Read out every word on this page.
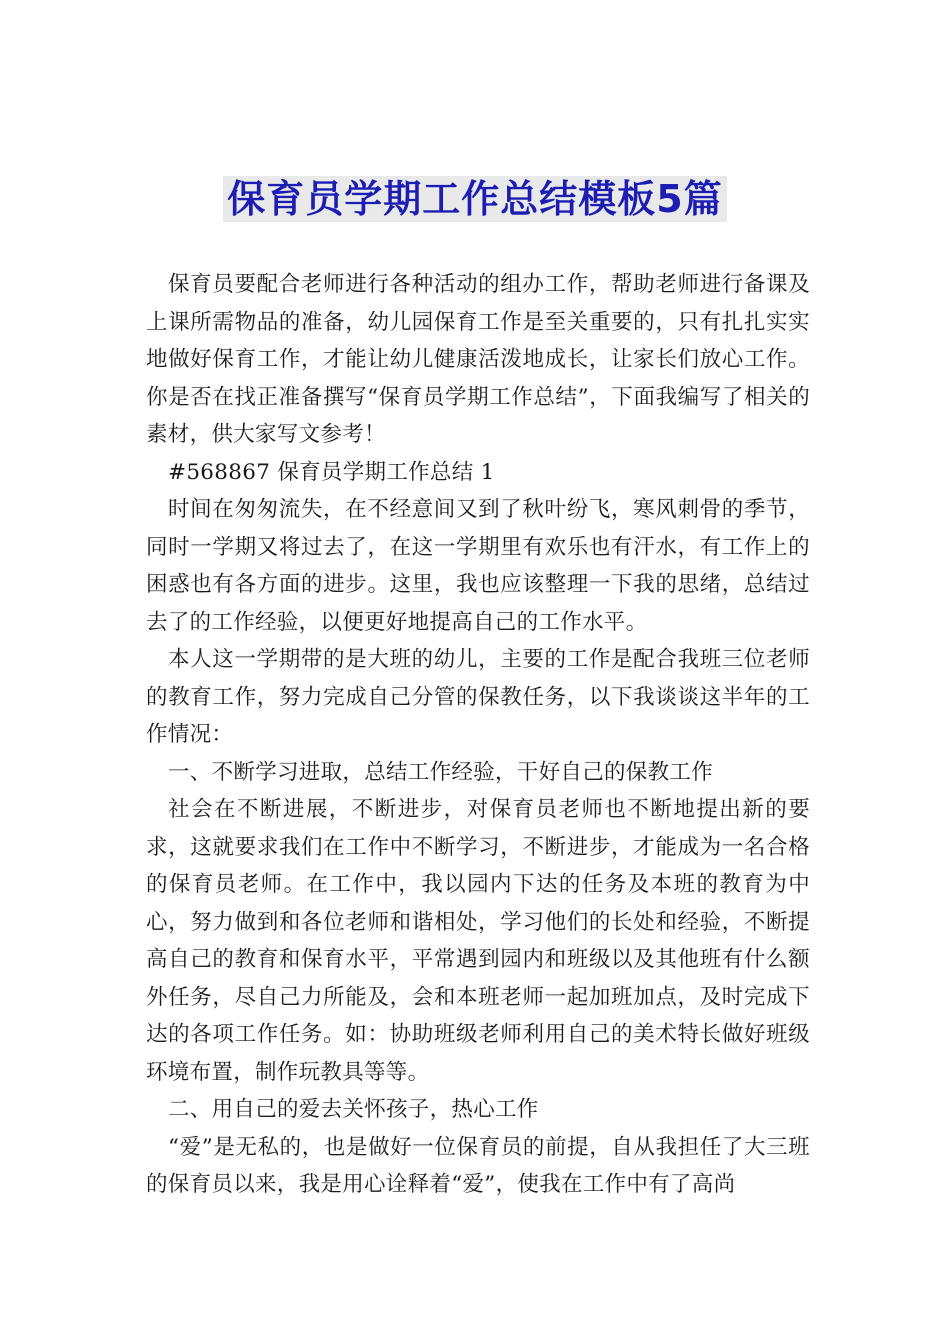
保育员学期工作总结模板5篇

保育员要配合老师进行各种活动的组办工作，帮助老师进行备课及上课所需物品的准备，幼儿园保育工作是至关重要的，只有扎扎实实地做好保育工作，才能让幼儿健康活泼地成长，让家长们放心工作。你是否在找正准备撰写“保育员学期工作总结”，下面我编写了相关的素材，供大家写文参考！

#568867 保育员学期工作总结 1

时间在匆匆流失，在不经意间又到了秋叶纷飞，寒风刺骨的季节，同时一学期又将过去了，在这一学期里有欢乐也有汗水，有工作上的困惑也有各方面的进步。这里，我也应该整理一下我的思绪，总结过去了的工作经验，以便更好地提高自己的工作水平。

本人这一学期带的是大班的幼儿，主要的工作是配合我班三位老师的教育工作，努力完成自己分管的保教任务，以下我谈谈这半年的工作情况：

一、不断学习进取，总结工作经验，干好自己的保教工作

社会在不断进展，不断进步，对保育员老师也不断地提出新的要求，这就要求我们在工作中不断学习，不断进步，才能成为一名合格的保育员老师。在工作中，我以园内下达的任务及本班的教育为中心，努力做到和各位老师和谐相处，学习他们的长处和经验，不断提高自己的教育和保育水平，平常遇到园内和班级以及其他班有什么额外任务，尽自己力所能及，会和本班老师一起加班加点，及时完成下达的各项工作任务。如：协助班级老师利用自己的美术特长做好班级环境布置，制作玩教具等等。

二、用自己的爱去关怀孩子，热心工作

“爱”是无私的，也是做好一位保育员的前提，自从我担任了大三班的保育员以来，我是用心诠释着“爱”，使我在工作中有了高尚
